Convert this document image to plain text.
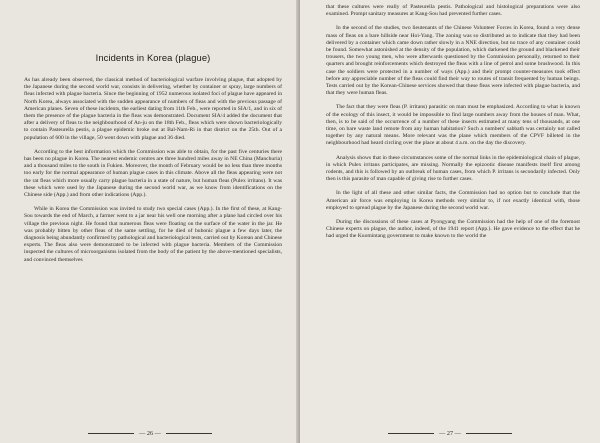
Incidents in Korea (plague)

As has already been observed, the classical method of bacteriological warfare involving plague, that adopted by the Japanese during the second world war, consists in delivering, whether by container or spray, large numbers of fleas infected with plague bacteria. Since the beginning of 1952 numerous isolated foci of plague have appeared in North Korea, always associated with the sudden appearance of numbers of fleas and with the previous passage of American planes. Seven of these incidents, the earliest dating from 11th Feb., were reported in SIA/1, and in six of them the presence of the plague bacteria in the fleas was demonstrated. Document SIA/4 added the document that after a delivery of fleas to the neighbourhood of An-ju on the 18th Feb., fleas which were shown bacteriologically to contain Pasteurella pestis, a plague epidemic broke out at Bal-Nam-Ri in that district on the 25th. Out of a population of 600 in the village, 50 went down with plague and 36 died.

According to the best information which the Commission was able to obtain, for the past five centuries there has been no plague in Korea. The nearest endemic centres are three hundred miles away in NE China (Manchuria) and a thousand miles to the south in Fukien. Moreover, the month of February would be no less than three months too early for the normal appearance of human plague cases in this climate. Above all the fleas appearing were not the rat fleas which more usually carry plague bacteria in a state of nature, but human fleas (Pulex irritans). It was these which were used by the Japanese during the second world war, as we know from identifications on the Chinese side (App.) and from other indications (App.).

While in Korea the Commission was invited to study two special cases (App.). In the first of these, at Kang-Sou towards the end of March, a farmer went to a jar near his well one morning after a plane had circled over his village the previous night. He found that numerous fleas were floating on the surface of the water in the jar. He was probably bitten by other fleas of the same settling, for he died of bubonic plague a few days later, the diagnosis being abundantly confirmed by pathological and bacteriological tests, carried out by Korean and Chinese experts. The fleas also were demonstrated to be infected with plague bacteria. Members of the Commission inspected the cultures of microorganisms isolated from the body of the patient by the above-mentioned specialists, and convinced themselves

— 26 —

that these cultures were really of Pasteurella pestis. Pathological and histological preparations were also examined. Prompt sanitary measures at Kang-Sou had prevented further cases.

In the second of the studies, two lieutenants of the Chinese Volunteer Forces in Korea, found a very dense mass of fleas on a bare hillside near Hoi-Yang. The zoning was so distributed as to indicate that they had been delivered by a container which came down rather slowly in a NNE direction, but no trace of any container could be found. Somewhat astonished at the density of the population, which darkened the ground and blackened their trousers, the two young men, who were afterwards questioned by the Commission personally, returned to their quarters and brought reinforcements which destroyed the fleas with a line of petrol and some brushwood. In this case the soldiers were protected in a number of ways (App.) and their prompt counter-measures took effect before any appreciable number of the fleas could find their way to routes of transit frequented by human beings. Tests carried out by the Korean-Chinese services showed that these fleas were infected with plague bacteria, and that they were human fleas.

The fact that they were fleas (P. irritans) parasitic on man must be emphasized. According to what is known of the ecology of this insect, it would be impossible to find large numbers away from the houses of man. What, then, is to be said of the occurrence of a number of these insects estimated at many tens of thousands, at one time, on bare waste land remote from any human habitation? Such a numbers' sabbath was certainly not called together by any natural means. More relevant was the plane which members of the CPVF billeted in the neighbourhood had heard circling over the place at about 4 a.m. on the day the discovery.

Analysis shows that in these circumstances some of the normal links in the epidemiological chain of plague, in which Pulex irritans participates, are missing. Normally the epizootic disease manifests itself first among rodents, and this is followed by an outbreak of human cases, from which P. irritans is secondarily infected. Only then is this parasite of man capable of giving rise to further cases.

In the light of all these and other similar facts, the Commission had no option but to conclude that the American air force was employing in Korea methods very similar to, if not exactly identical with, those employed to spread plague by the Japanese during the second world war.

During the discussions of these cases at Pyongyang the Commission had the help of one of the foremost Chinese experts on plague, the author, indeed, of the 1941 report (App.). He gave evidence to the effect that he had urged the Kuomintang government to make known to the world the

— 27 —
